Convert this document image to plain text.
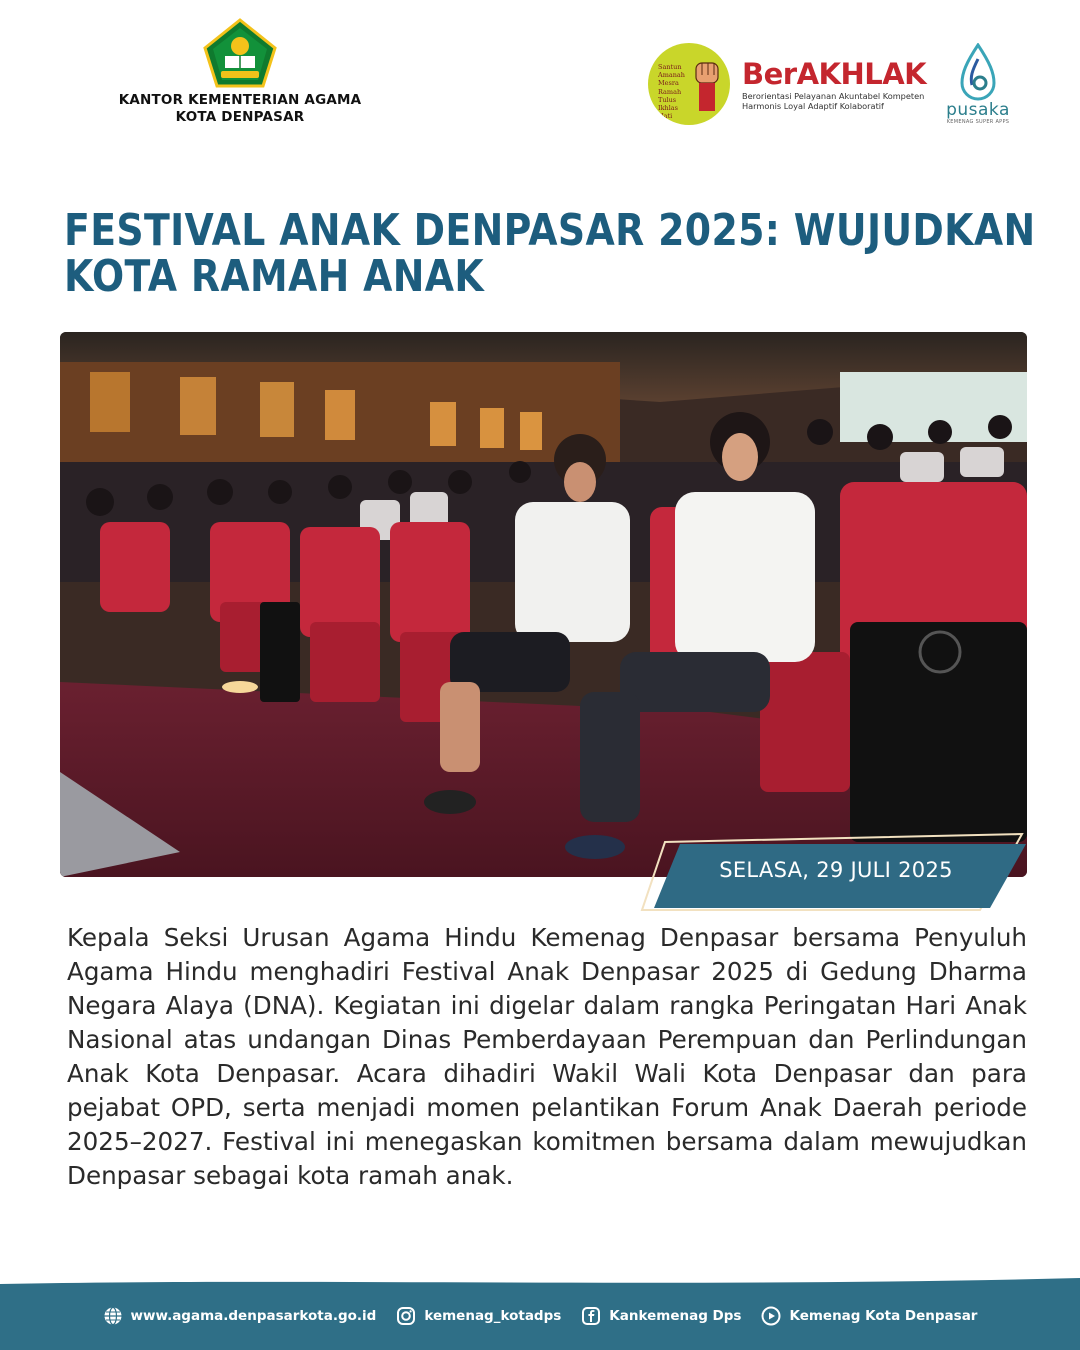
KANTOR KEMENTERIAN AGAMA
KOTA DENPASAR
Santun
Amanah
Mesra
Ramah
Tulus
Ikhlas
Hati
BerAKHLAK
Berorientasi Pelayanan Akuntabel Kompeten
Harmonis Loyal Adaptif Kolaboratif	pusaka
KEMENAG SUPER APPS
FESTIVAL ANAK DENPASAR 2025: WUJUDKAN
KOTA RAMAH ANAK
SELASA, 29 JULI 2025

Kepala Seksi Urusan Agama Hindu Kemenag Denpasar bersama Penyuluh Agama Hindu menghadiri Festival Anak Denpasar 2025 di Gedung Dharma Negara Alaya (DNA). Kegiatan ini digelar dalam rangka Peringatan Hari Anak Nasional atas undangan Dinas Pemberdayaan Perempuan dan Perlindungan Anak Kota Denpasar. Acara dihadiri Wakil Wali Kota Denpasar dan para pejabat OPD, serta menjadi momen pelantikan Forum Anak Daerah periode 2025–2027. Festival ini menegaskan komitmen bersama dalam mewujudkan Denpasar sebagai kota ramah anak.

www.agama.denpasarkota.go.id	kemenag_kotadps	Kankemenag Dps	Kemenag Kota Denpasar
